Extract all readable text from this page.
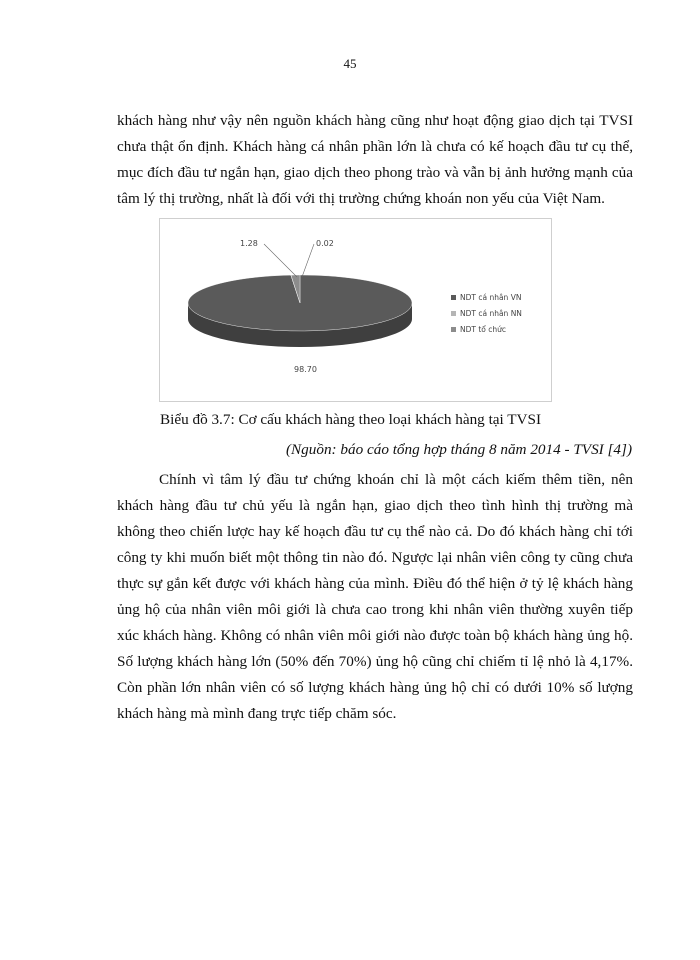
45
khách hàng như vậy nên nguồn khách hàng cũng như hoạt động giao dịch tại TVSI
chưa thật ổn định. Khách hàng cá nhân phần lớn là chưa có kế hoạch đầu tư cụ thể,
mục đích đầu tư ngắn hạn, giao dịch theo phong trào và vẫn bị ảnh hưởng mạnh của
tâm lý thị trường, nhất là đối với thị trường chứng khoán non yếu của Việt Nam.
1.28	0.02
98.70
NDT cá nhân VN
NDT cá nhân NN
NDT tổ chức
Biểu đồ 3.7: Cơ cấu khách hàng theo loại khách hàng tại TVSI
(Nguồn: báo cáo tổng hợp tháng 8 năm 2014 - TVSI [4])
Chính vì tâm lý đầu tư chứng khoán chỉ là một cách kiếm thêm tiền, nên
khách hàng đầu tư chủ yếu là ngắn hạn, giao dịch theo tình hình thị trường mà
không theo chiến lược hay kế hoạch đầu tư cụ thể nào cả. Do đó khách hàng chỉ tới
công ty khi muốn biết một thông tin nào đó. Ngược lại nhân viên công ty cũng chưa
thực sự gắn kết được với khách hàng của mình. Điều đó thể hiện ở tỷ lệ khách hàng
ủng hộ của nhân viên môi giới là chưa cao trong khi nhân viên thường xuyên tiếp
xúc khách hàng. Không có nhân viên môi giới nào được toàn bộ khách hàng ủng hộ.
Số lượng khách hàng lớn (50% đến 70%) ủng hộ cũng chỉ chiếm tỉ lệ nhỏ là 4,17%.
Còn phần lớn nhân viên có số lượng khách hàng ủng hộ chỉ có dưới 10% số lượng
khách hàng mà mình đang trực tiếp chăm sóc.
